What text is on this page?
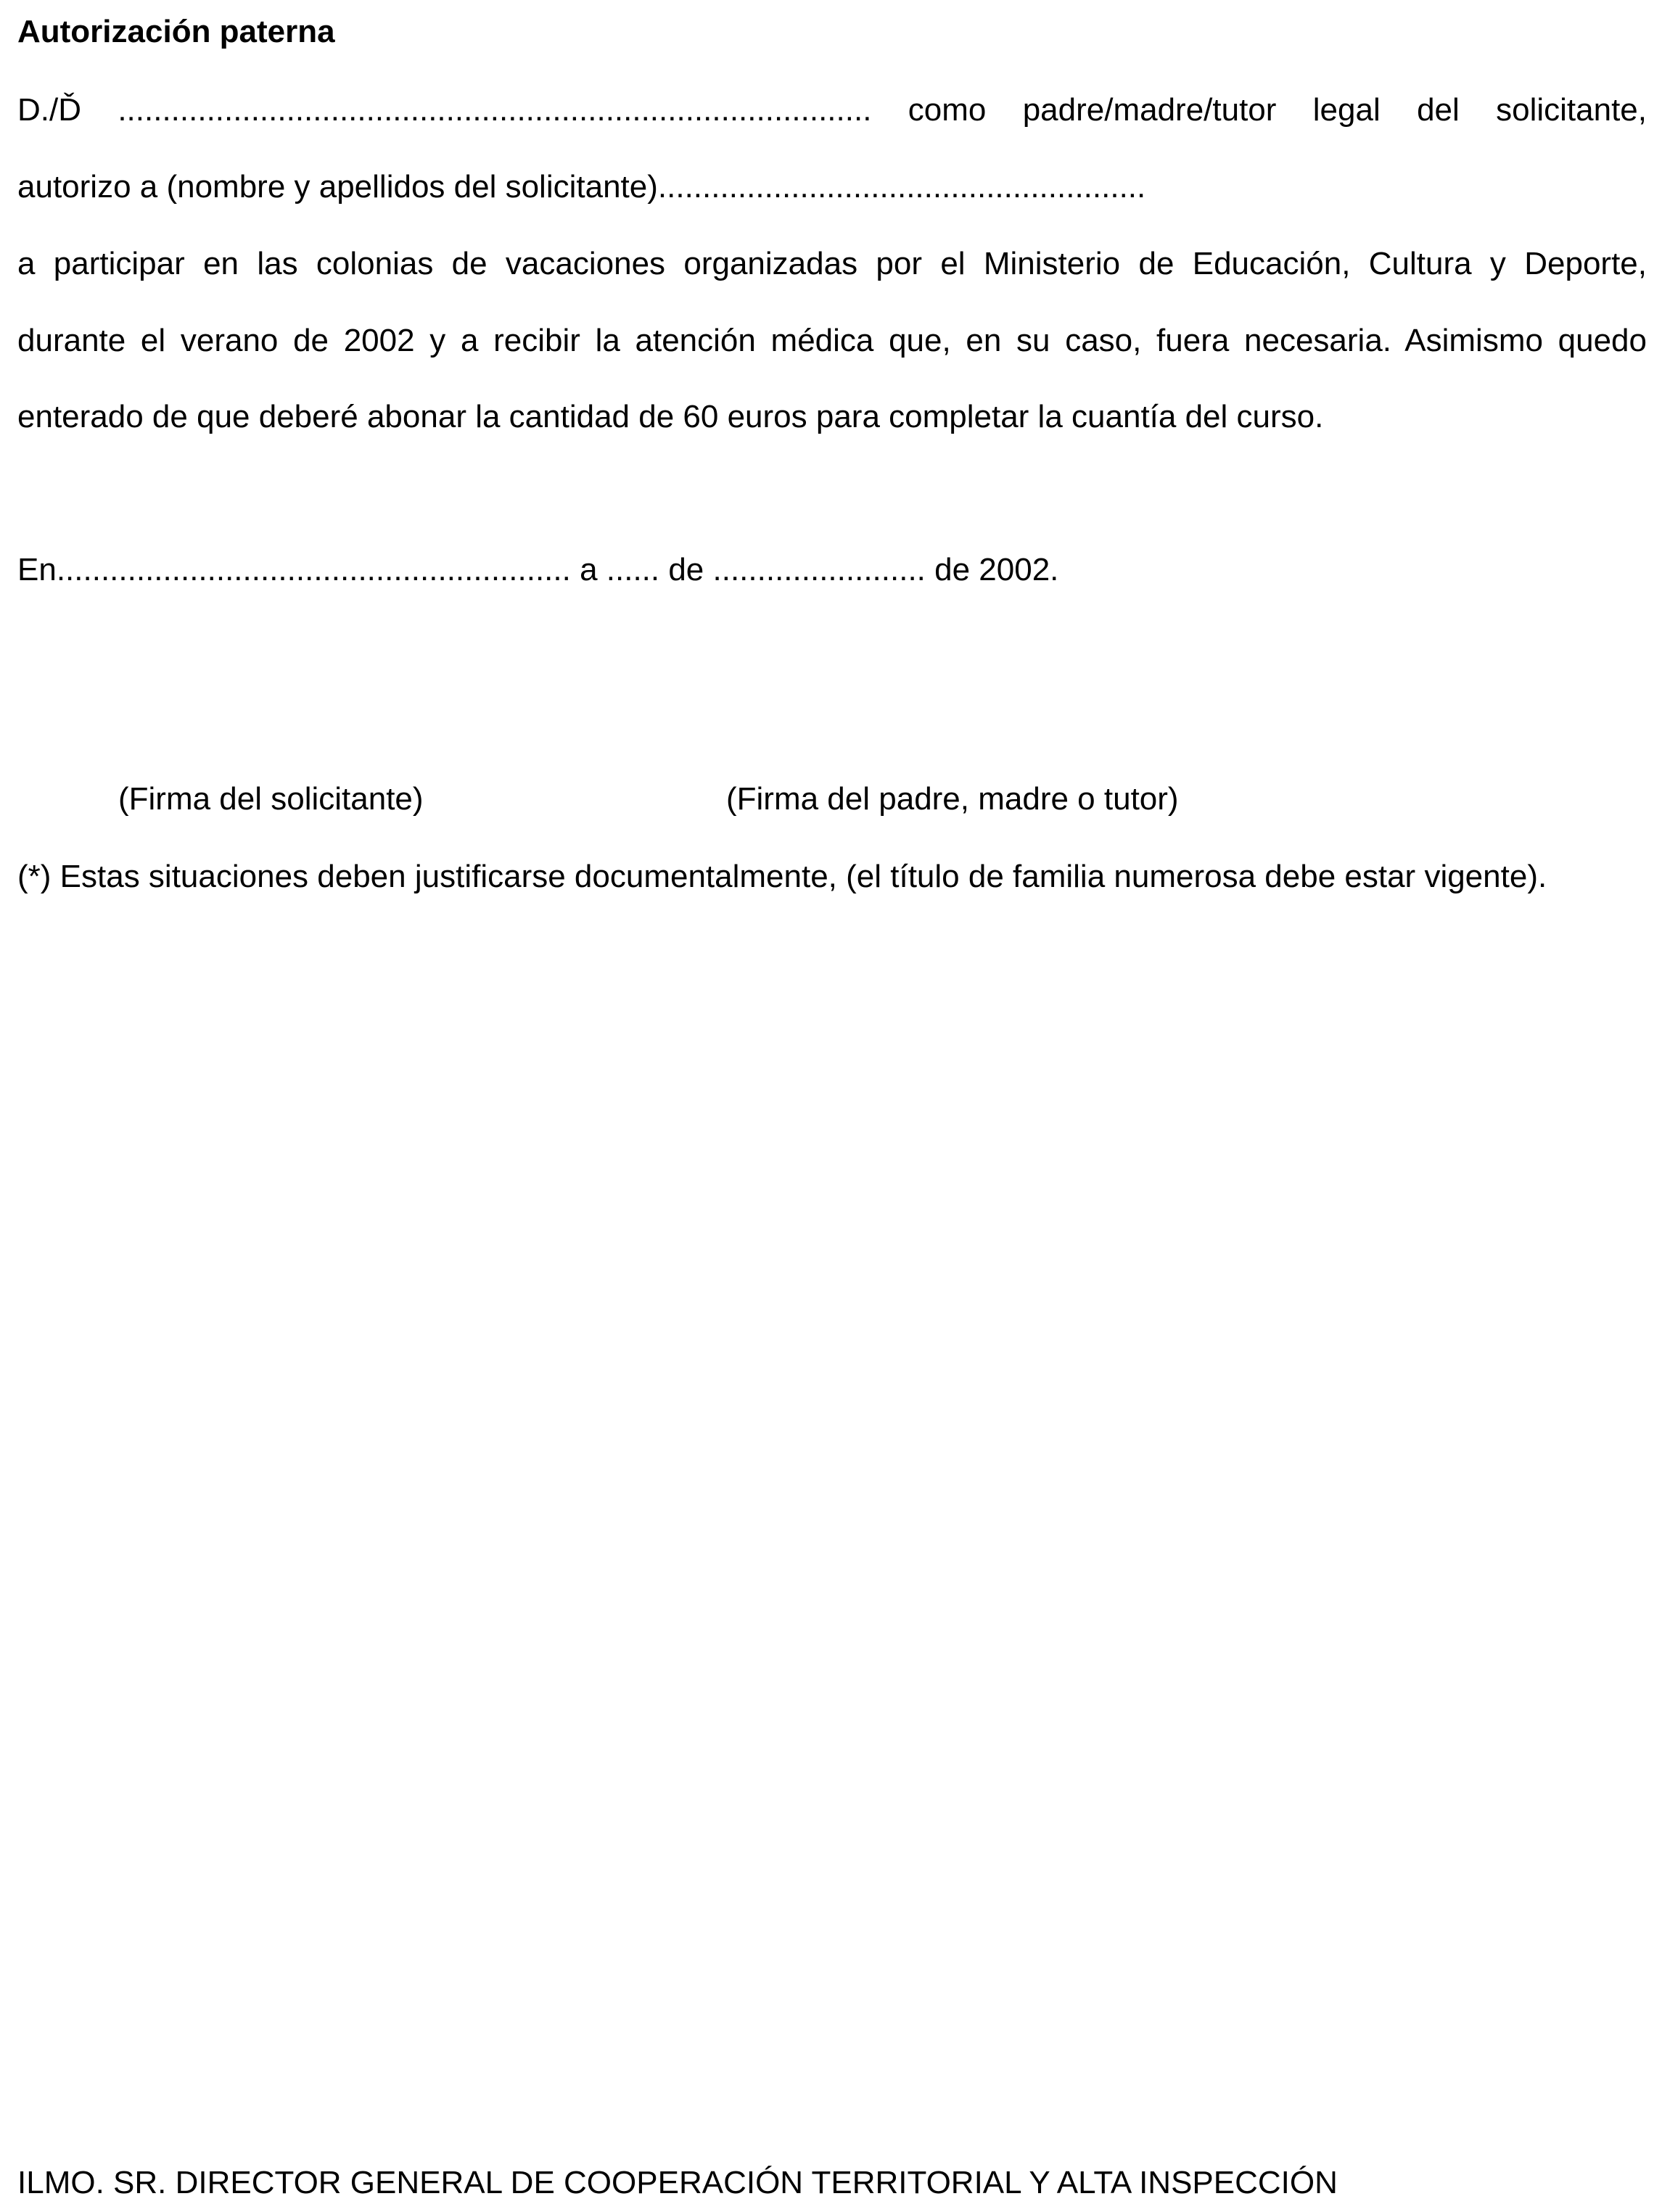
Autorización paterna
D./Ď ..................................................................................... como padre/madre/tutor legal del solicitante,
autorizo a (nombre y apellidos del solicitante).......................................................
a participar en las colonias de vacaciones organizadas por el Ministerio de Educación, Cultura y Deporte,
durante el verano de 2002 y a recibir la atención médica que, en su caso, fuera necesaria. Asimismo quedo
enterado de que deberé abonar la cantidad de 60 euros para completar la cuantía del curso.
En.......................................................... a ...... de ........................ de 2002.
(Firma del solicitante)	(Firma del padre, madre o tutor)
(*) Estas situaciones deben justificarse documentalmente, (el título de familia numerosa debe estar vigente).
ILMO. SR. DIRECTOR GENERAL DE COOPERACIÓN TERRITORIAL Y ALTA INSPECCIÓN
